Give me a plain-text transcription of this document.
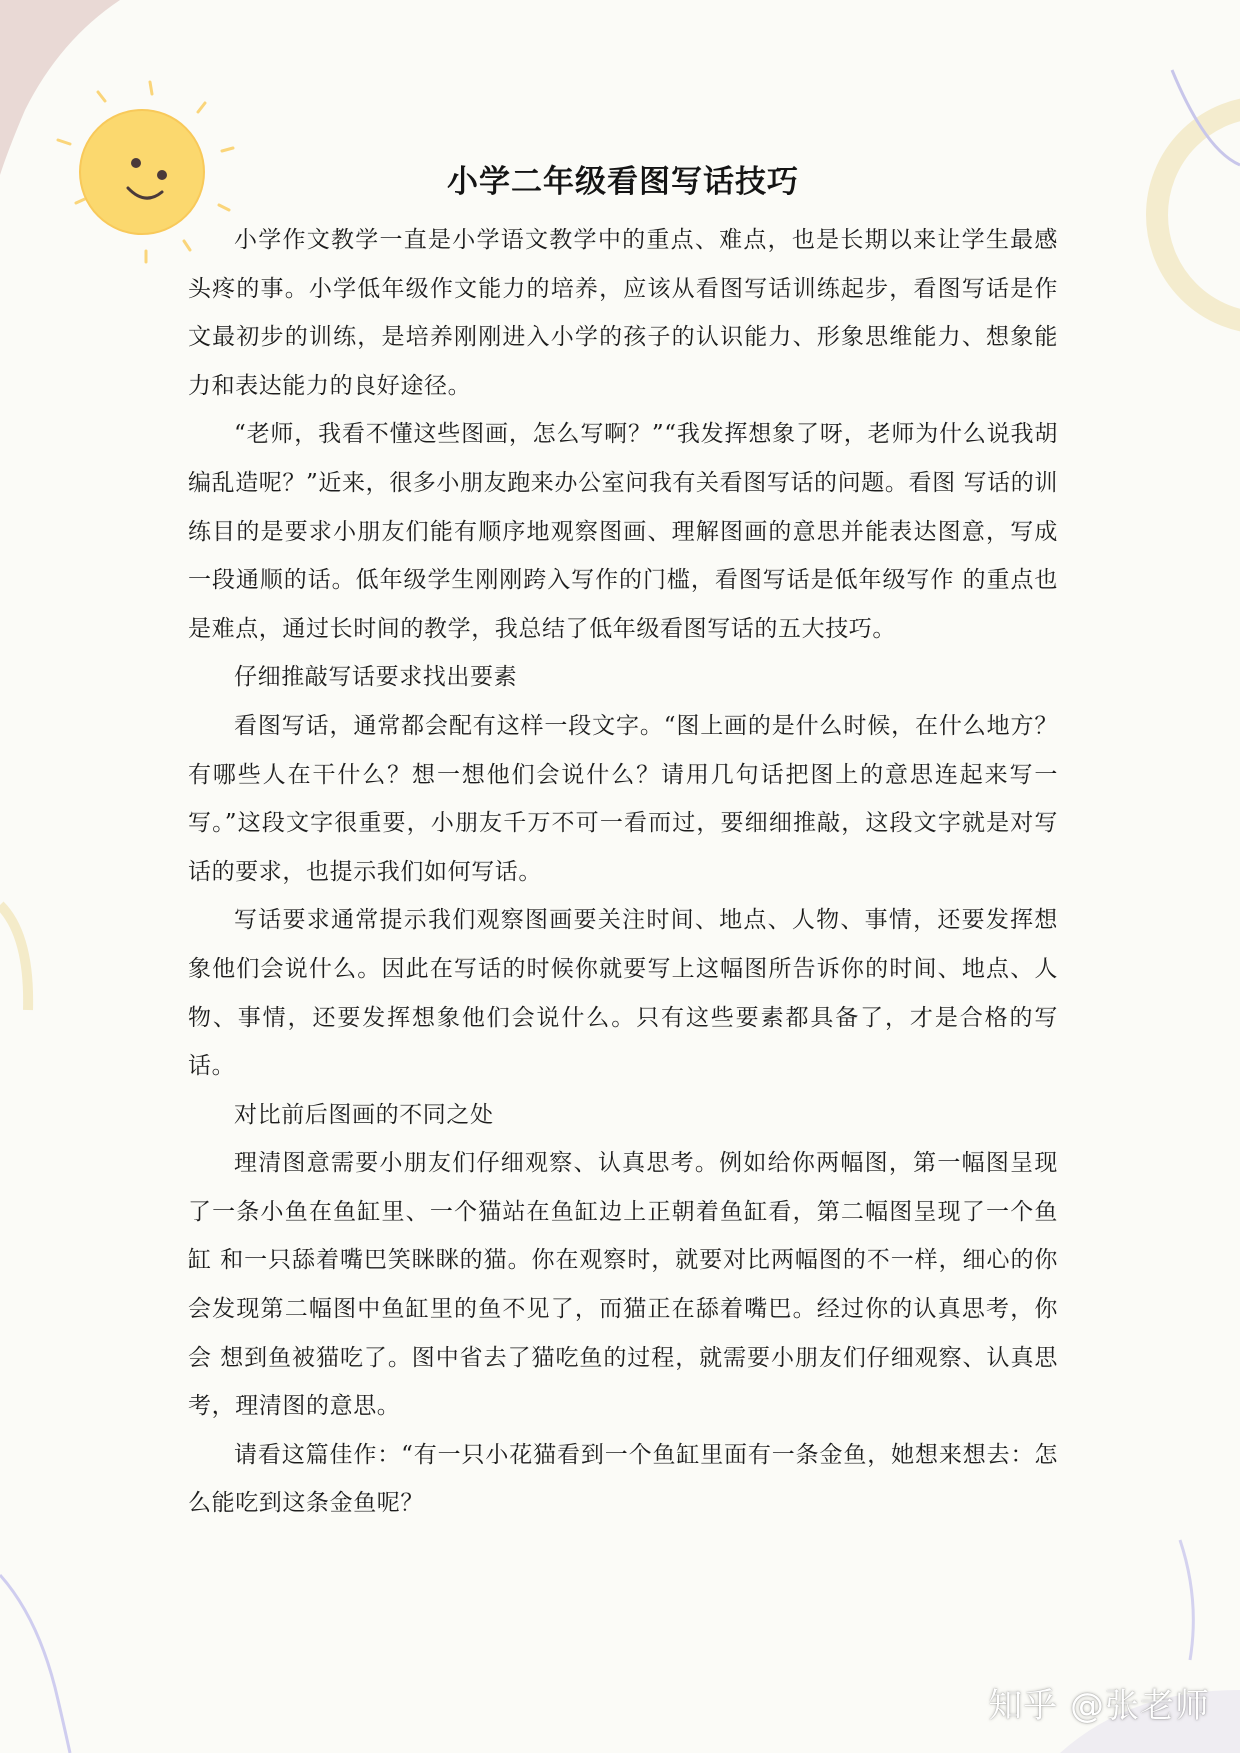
小学二年级看图写话技巧

小学作文教学一直是小学语文教学中的重点、难点，也是长期以来让学生最感头疼的事。小学低年级作文能力的培养，应该从看图写话训练起步，看图写话是作文最初步的训练，是培养刚刚进入小学的孩子的认识能力、形象思维能力、想象能力和表达能力的良好途径。

“老师，我看不懂这些图画，怎么写啊？”“我发挥想象了呀，老师为什么说我胡编乱造呢？”近来，很多小朋友跑来办公室问我有关看图写话的问题。看图 写话的训练目的是要求小朋友们能有顺序地观察图画、理解图画的意思并能表达图意，写成一段通顺的话。低年级学生刚刚跨入写作的门槛，看图写话是低年级写作 的重点也是难点，通过长时间的教学，我总结了低年级看图写话的五大技巧。

仔细推敲写话要求找出要素

看图写话，通常都会配有这样一段文字。“图上画的是什么时候，在什么地方？有哪些人在干什么？想一想他们会说什么？请用几句话把图上的意思连起来写一写。”这段文字很重要，小朋友千万不可一看而过，要细细推敲，这段文字就是对写话的要求，也提示我们如何写话。

写话要求通常提示我们观察图画要关注时间、地点、人物、事情，还要发挥想象他们会说什么。因此在写话的时候你就要写上这幅图所告诉你的时间、地点、人物、事情，还要发挥想象他们会说什么。只有这些要素都具备了，才是合格的写话。

对比前后图画的不同之处

理清图意需要小朋友们仔细观察、认真思考。例如给你两幅图，第一幅图呈现了一条小鱼在鱼缸里、一个猫站在鱼缸边上正朝着鱼缸看，第二幅图呈现了一个鱼缸 和一只舔着嘴巴笑眯眯的猫。你在观察时，就要对比两幅图的不一样，细心的你会发现第二幅图中鱼缸里的鱼不见了，而猫正在舔着嘴巴。经过你的认真思考，你会 想到鱼被猫吃了。图中省去了猫吃鱼的过程，就需要小朋友们仔细观察、认真思考，理清图的意思。

请看这篇佳作：“有一只小花猫看到一个鱼缸里面有一条金鱼，她想来想去：怎么能吃到这条金鱼呢？

知乎 @张老师
